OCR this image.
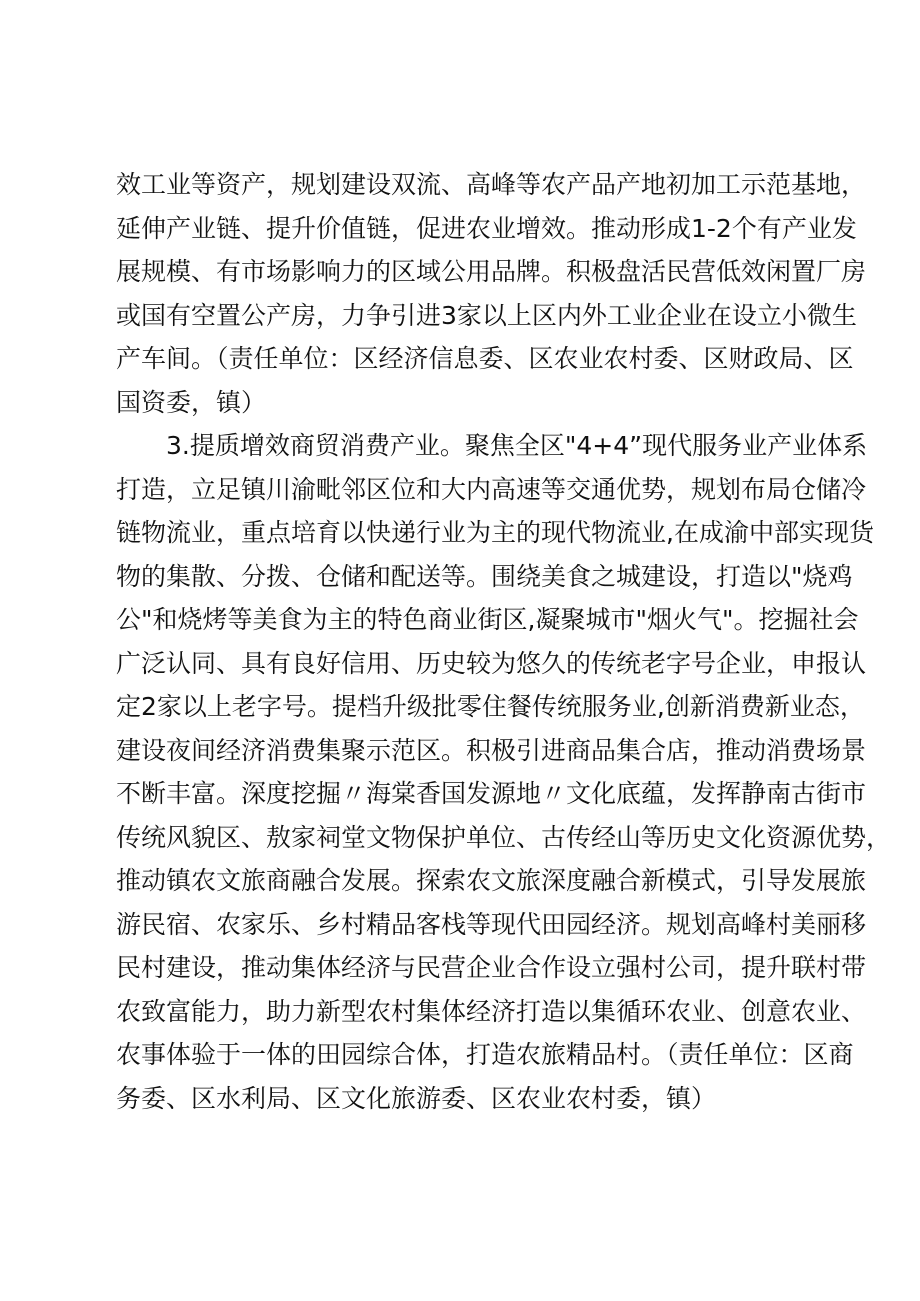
效工业等资产，规划建设双流、高峰等农产品产地初加工示范基地，
延伸产业链、提升价值链，促进农业增效。推动形成1-2个有产业发
展规模、有市场影响力的区域公用品牌。积极盘活民营低效闲置厂房
或国有空置公产房，力争引进3家以上区内外工业企业在设立小微生
产车间。（责任单位：区经济信息委、区农业农村委、区财政局、区
国资委，镇）
3.提质增效商贸消费产业。聚焦全区"4+4”现代服务业产业体系
打造，立足镇川渝毗邻区位和大内高速等交通优势，规划布局仓储冷
链物流业，重点培育以快递行业为主的现代物流业,在成渝中部实现货
物的集散、分拨、仓储和配送等。围绕美食之城建设，打造以"烧鸡
公"和烧烤等美食为主的特色商业街区,凝聚城市"烟火气"。挖掘社会
广泛认同、具有良好信用、历史较为悠久的传统老字号企业，申报认
定2家以上老字号。提档升级批零住餐传统服务业,创新消费新业态，
建设夜间经济消费集聚示范区。积极引进商品集合店，推动消费场景
不断丰富。深度挖掘〃海棠香国发源地〃文化底蕴，发挥静南古街市
传统风貌区、敖家祠堂文物保护单位、古传经山等历史文化资源优势，
推动镇农文旅商融合发展。探索农文旅深度融合新模式，引导发展旅
游民宿、农家乐、乡村精品客栈等现代田园经济。规划高峰村美丽移
民村建设，推动集体经济与民营企业合作设立强村公司，提升联村带
农致富能力，助力新型农村集体经济打造以集循环农业、创意农业、
农事体验于一体的田园综合体，打造农旅精品村。（责任单位：区商
务委、区水利局、区文化旅游委、区农业农村委，镇）
